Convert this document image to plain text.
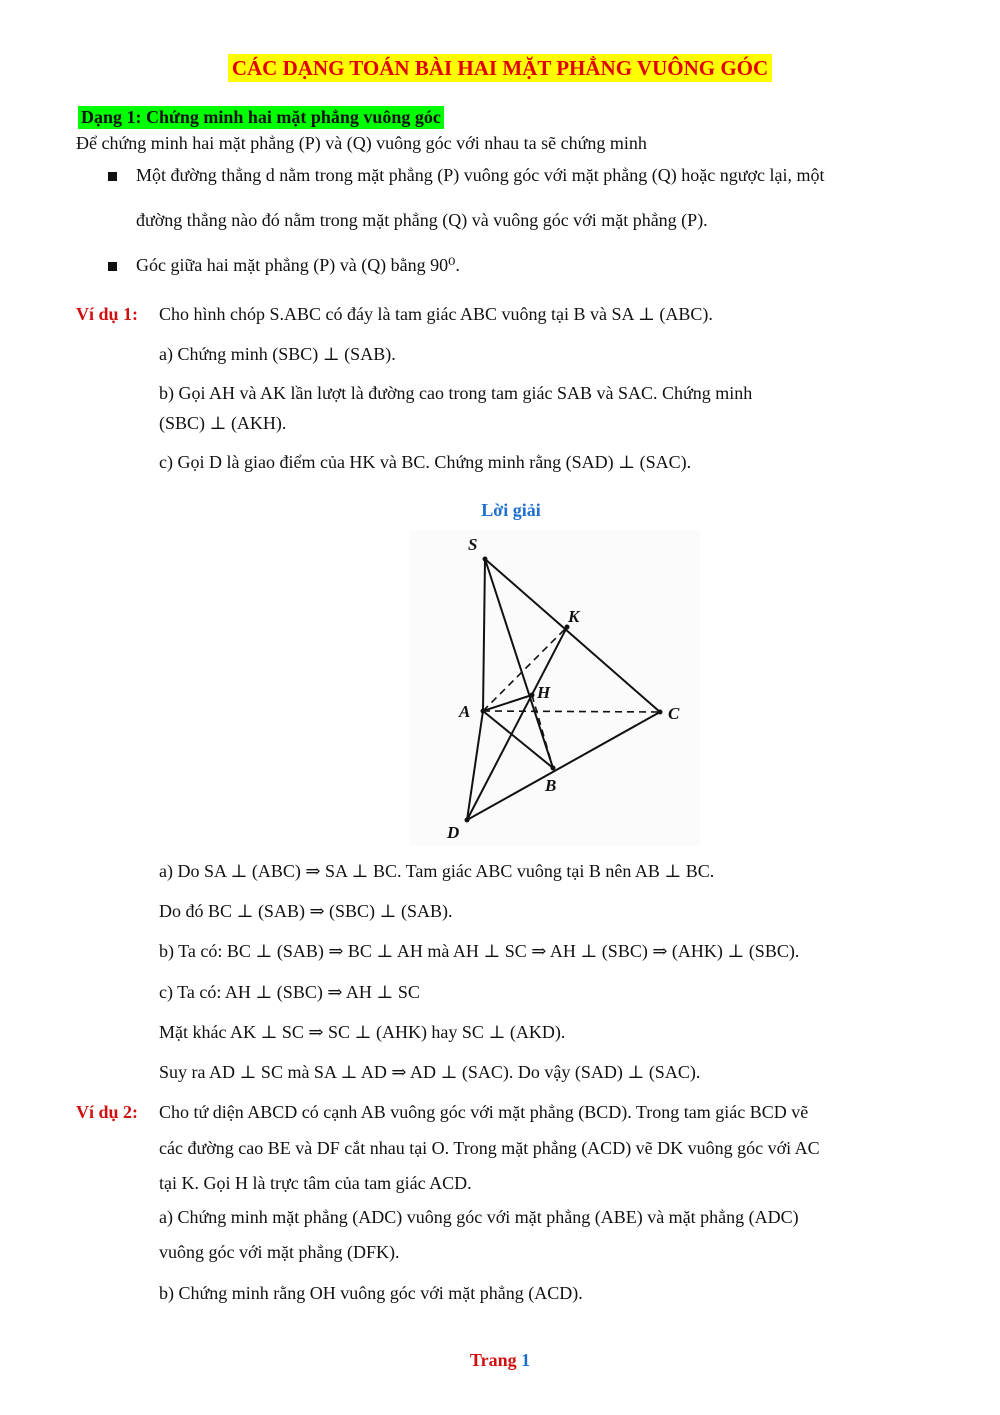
CÁC DẠNG TOÁN BÀI HAI MẶT PHẲNG VUÔNG GÓC
Dạng 1: Chứng minh hai mặt phẳng vuông góc
Để chứng minh hai mặt phẳng (P) và (Q) vuông góc với nhau ta sẽ chứng minh
Một đường thẳng d nằm trong mặt phẳng (P) vuông góc với mặt phẳng (Q) hoặc ngược lại, một
đường thẳng nào đó nằm trong mặt phẳng (Q) và vuông góc với mặt phẳng (P).
Góc giữa hai mặt phẳng (P) và (Q) bằng 90⁰.
Ví dụ 1: Cho hình chóp S.ABC có đáy là tam giác ABC vuông tại B và SA ⊥ (ABC).
a) Chứng minh (SBC) ⊥ (SAB).
b) Gọi AH và AK lần lượt là đường cao trong tam giác SAB và SAC. Chứng minh
(SBC) ⊥ (AKH).
c) Gọi D là giao điểm của HK và BC. Chứng minh rằng (SAD) ⊥ (SAC).
Lời giải
S
K
H
A	C
B
D
a) Do SA ⊥ (ABC) ⇒ SA ⊥ BC. Tam giác ABC vuông tại B nên AB ⊥ BC.
Do đó BC ⊥ (SAB) ⇒ (SBC) ⊥ (SAB).
b) Ta có: BC ⊥ (SAB) ⇒ BC ⊥ AH mà AH ⊥ SC ⇒ AH ⊥ (SBC) ⇒ (AHK) ⊥ (SBC).
c) Ta có: AH ⊥ (SBC) ⇒ AH ⊥ SC
Mặt khác AK ⊥ SC ⇒ SC ⊥ (AHK) hay SC ⊥ (AKD).
Suy ra AD ⊥ SC mà SA ⊥ AD ⇒ AD ⊥ (SAC). Do vậy (SAD) ⊥ (SAC).
Ví dụ 2: Cho tứ diện ABCD có cạnh AB vuông góc với mặt phẳng (BCD). Trong tam giác BCD vẽ
các đường cao BE và DF cắt nhau tại O. Trong mặt phẳng (ACD) vẽ DK vuông góc với AC
tại K. Gọi H là trực tâm của tam giác ACD.
a) Chứng minh mặt phẳng (ADC) vuông góc với mặt phẳng (ABE) và mặt phẳng (ADC)
vuông góc với mặt phẳng (DFK).
b) Chứng minh rằng OH vuông góc với mặt phẳng (ACD).
Trang 1
